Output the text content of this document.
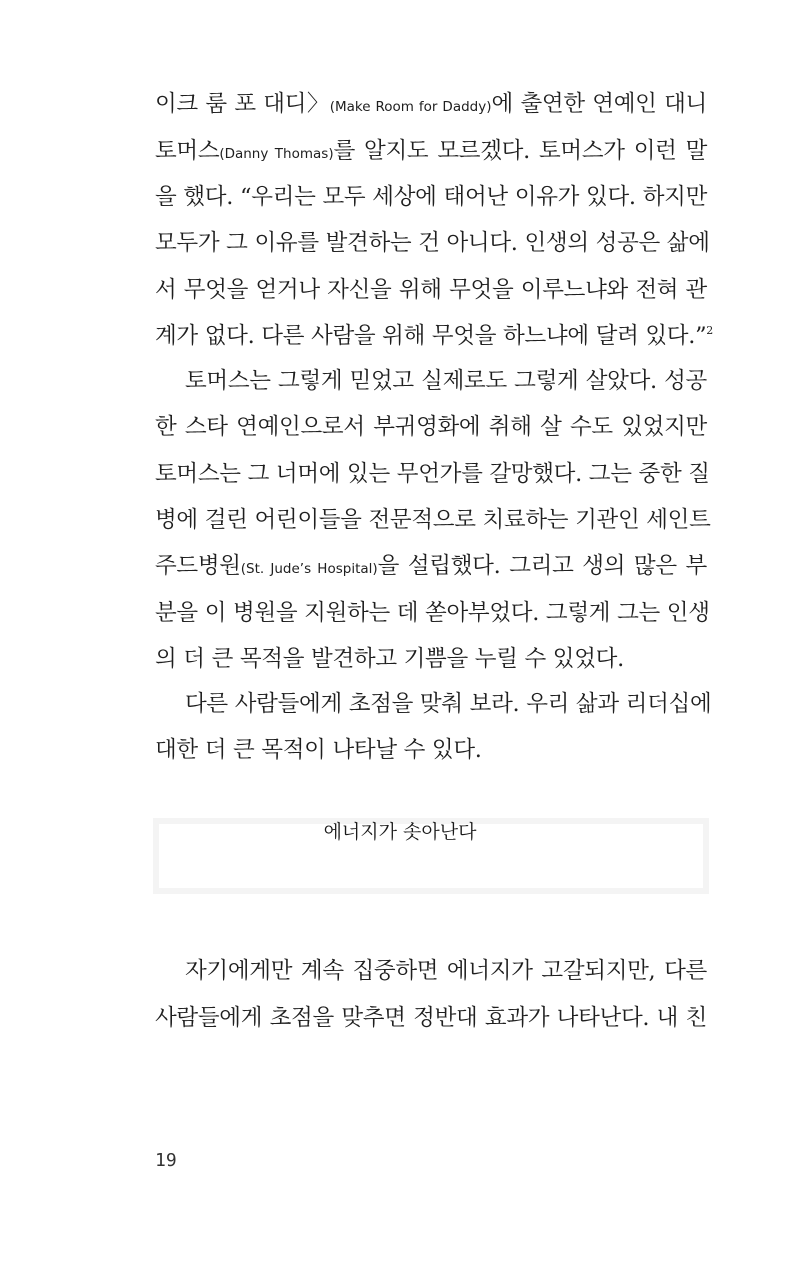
이크 룸 포 대디〉(Make Room for Daddy)에 출연한 연예인 대니
토머스(Danny Thomas)를 알지도 모르겠다. 토머스가 이런 말
을 했다. “우리는 모두 세상에 태어난 이유가 있다. 하지만
모두가 그 이유를 발견하는 건 아니다. 인생의 성공은 삶에
서 무엇을 얻거나 자신을 위해 무엇을 이루느냐와 전혀 관
계가 없다. 다른 사람을 위해 무엇을 하느냐에 달려 있다.”$^2$
토머스는 그렇게 믿었고 실제로도 그렇게 살았다. 성공
한 스타 연예인으로서 부귀영화에 취해 살 수도 있었지만
토머스는 그 너머에 있는 무언가를 갈망했다. 그는 중한 질
병에 걸린 어린이들을 전문적으로 치료하는 기관인 세인트
주드병원(St. Jude’s Hospital)을 설립했다. 그리고 생의 많은 부
분을 이 병원을 지원하는 데 쏟아부었다. 그렇게 그는 인생
의 더 큰 목적을 발견하고 기쁨을 누릴 수 있었다.
다른 사람들에게 초점을 맞춰 보라. 우리 삶과 리더십에
대한 더 큰 목적이 나타날 수 있다.
에너지가 솟아난다
자기에게만 계속 집중하면 에너지가 고갈되지만, 다른
사람들에게 초점을 맞추면 정반대 효과가 나타난다. 내 친
19
